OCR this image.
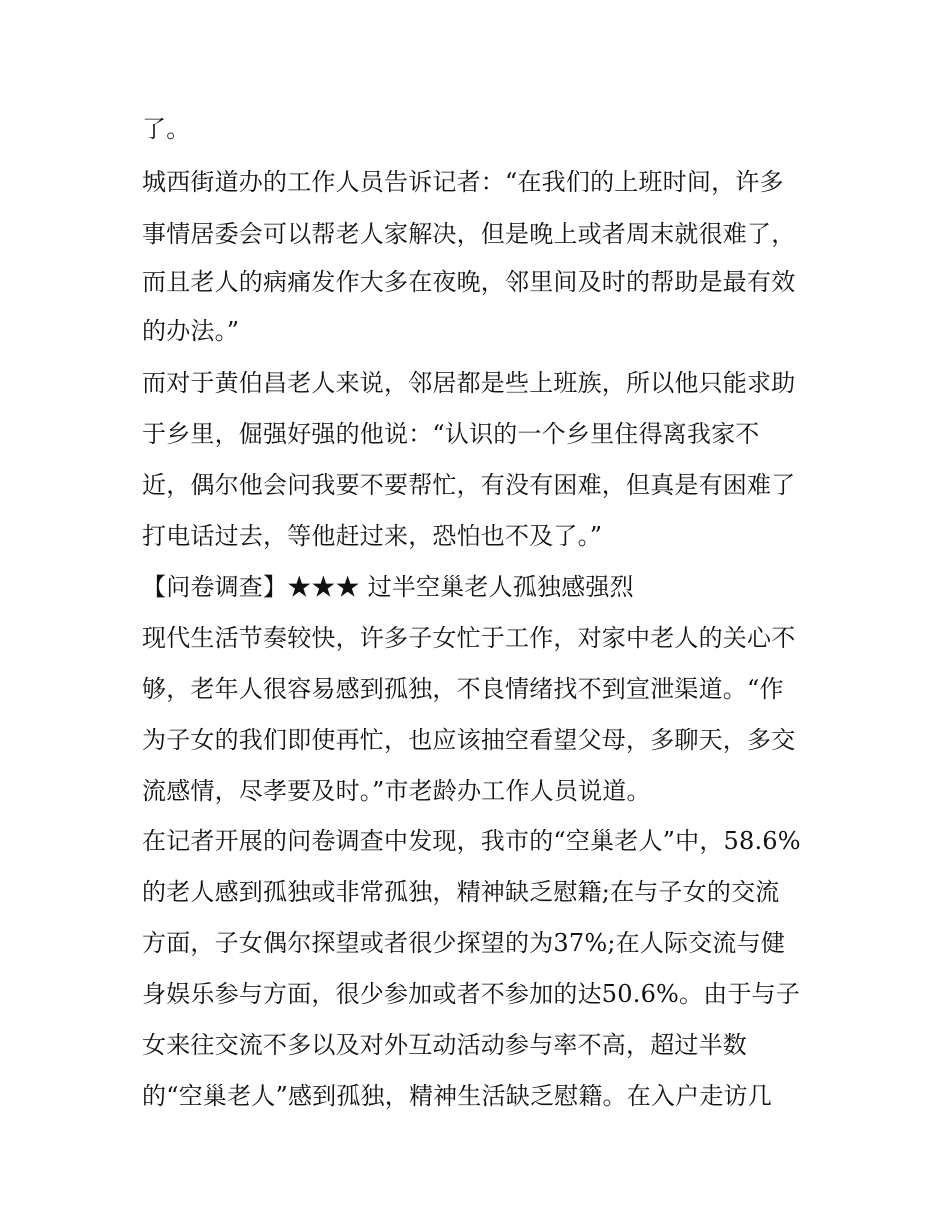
了。

城西街道办的工作人员告诉记者：“在我们的上班时间，许多

事情居委会可以帮老人家解决，但是晚上或者周末就很难了，

而且老人的病痛发作大多在夜晚，邻里间及时的帮助是最有效

的办法。”

而对于黄伯昌老人来说，邻居都是些上班族，所以他只能求助

于乡里，倔强好强的他说：“认识的一个乡里住得离我家不

近，偶尔他会问我要不要帮忙，有没有困难，但真是有困难了

打电话过去，等他赶过来，恐怕也不及了。”

【问卷调查】★★★ 过半空巢老人孤独感强烈

现代生活节奏较快，许多子女忙于工作，对家中老人的关心不

够，老年人很容易感到孤独，不良情绪找不到宣泄渠道。“作

为子女的我们即使再忙，也应该抽空看望父母，多聊天，多交

流感情，尽孝要及时。”市老龄办工作人员说道。

在记者开展的问卷调查中发现，我市的“空巢老人”中，58.6%

的老人感到孤独或非常孤独，精神缺乏慰籍;在与子女的交流

方面，子女偶尔探望或者很少探望的为37%;在人际交流与健

身娱乐参与方面，很少参加或者不参加的达50.6%。由于与子

女来往交流不多以及对外互动活动参与率不高，超过半数

的“空巢老人”感到孤独，精神生活缺乏慰籍。在入户走访几
